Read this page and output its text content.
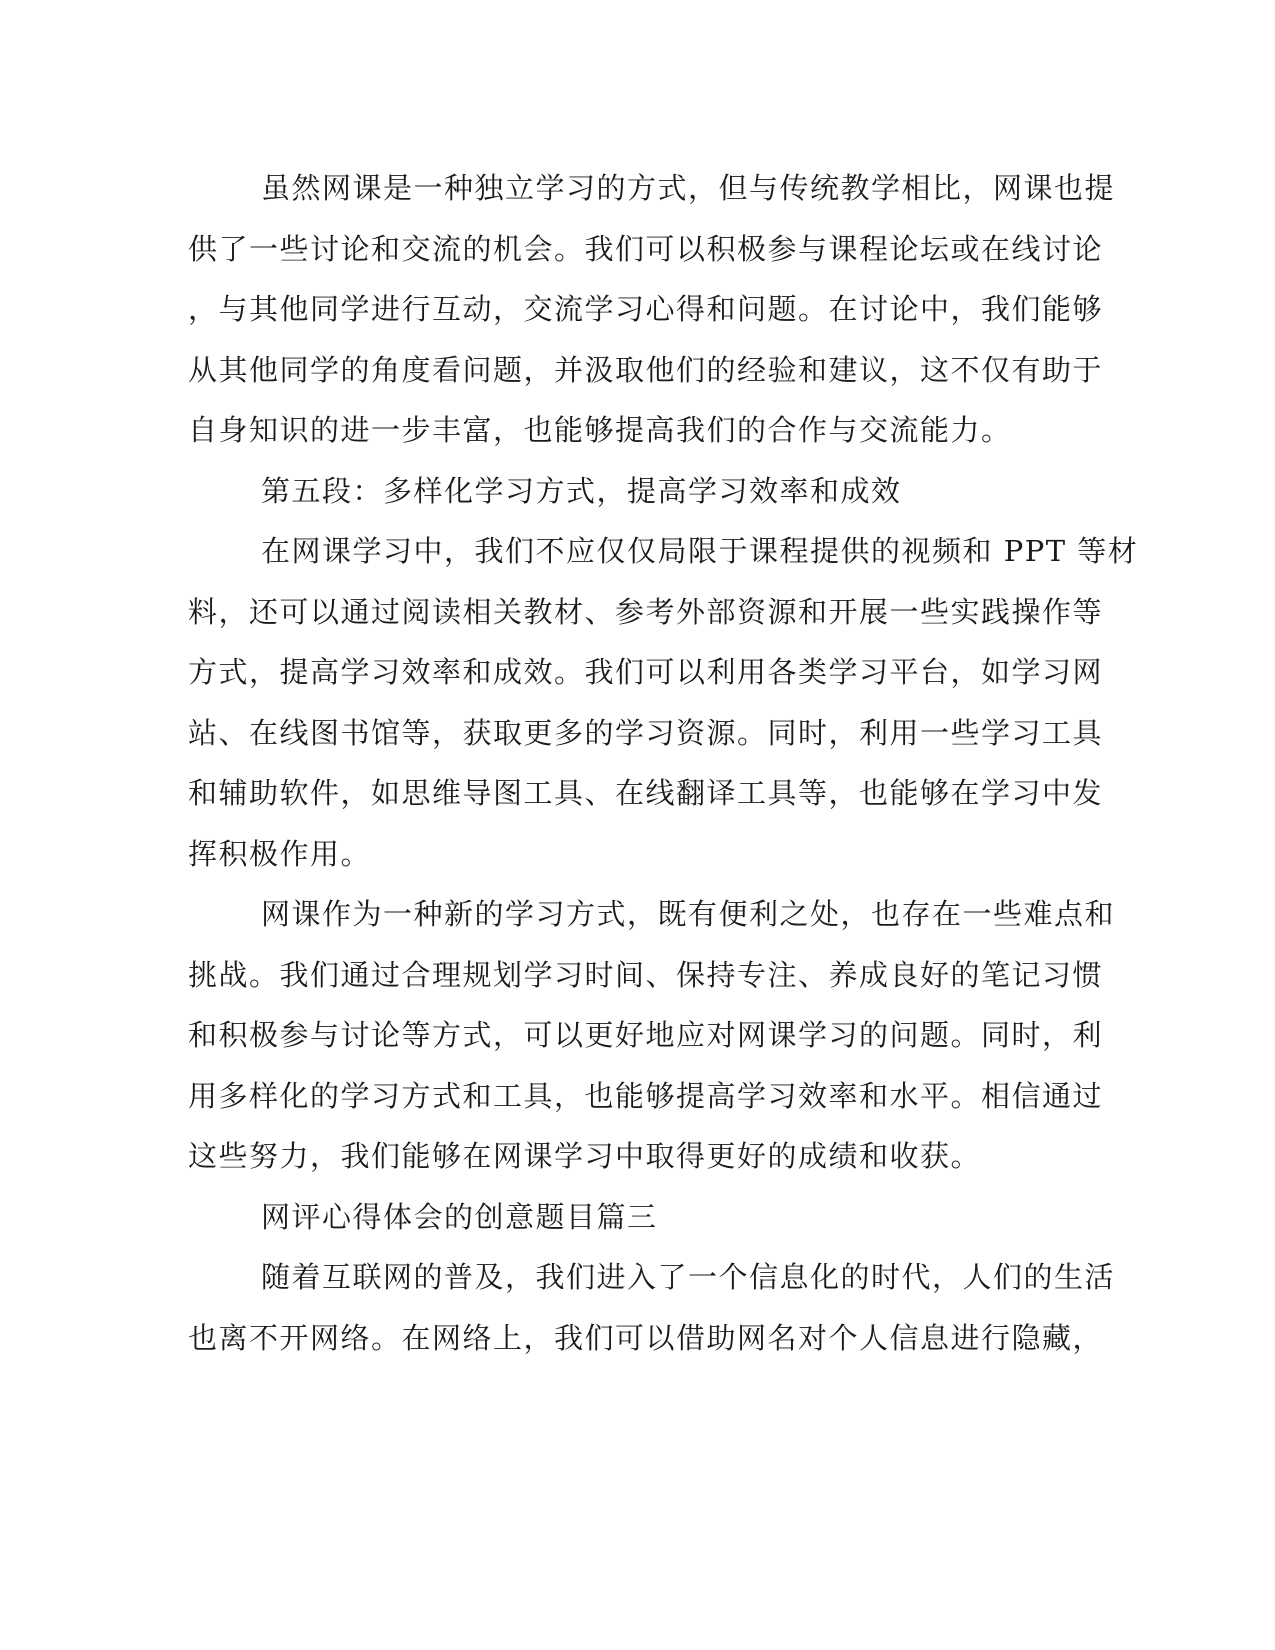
虽然网课是一种独立学习的方式，但与传统教学相比，网课也提
供了一些讨论和交流的机会。我们可以积极参与课程论坛或在线讨论
，与其他同学进行互动，交流学习心得和问题。在讨论中，我们能够
从其他同学的角度看问题，并汲取他们的经验和建议，这不仅有助于
自身知识的进一步丰富，也能够提高我们的合作与交流能力。
第五段：多样化学习方式，提高学习效率和成效
在网课学习中，我们不应仅仅局限于课程提供的视频和 PPT 等材
料，还可以通过阅读相关教材、参考外部资源和开展一些实践操作等
方式，提高学习效率和成效。我们可以利用各类学习平台，如学习网
站、在线图书馆等，获取更多的学习资源。同时，利用一些学习工具
和辅助软件，如思维导图工具、在线翻译工具等，也能够在学习中发
挥积极作用。
网课作为一种新的学习方式，既有便利之处，也存在一些难点和
挑战。我们通过合理规划学习时间、保持专注、养成良好的笔记习惯
和积极参与讨论等方式，可以更好地应对网课学习的问题。同时，利
用多样化的学习方式和工具，也能够提高学习效率和水平。相信通过
这些努力，我们能够在网课学习中取得更好的成绩和收获。
网评心得体会的创意题目篇三
随着互联网的普及，我们进入了一个信息化的时代，人们的生活
也离不开网络。在网络上，我们可以借助网名对个人信息进行隐藏，
